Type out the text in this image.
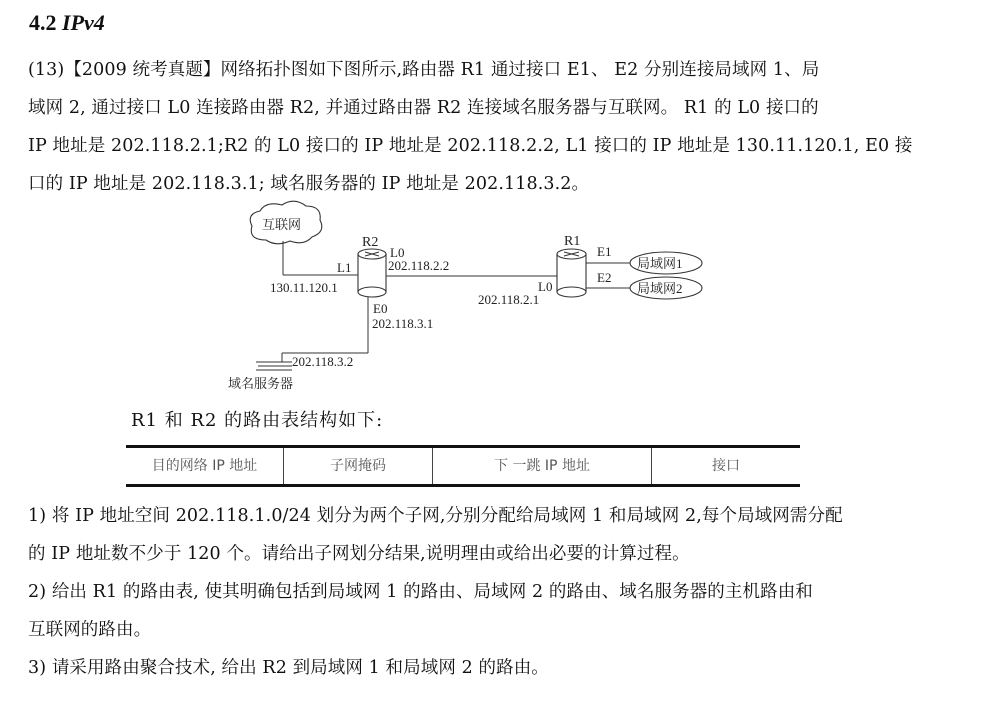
4.2 IPv4
(13)【2009 统考真题】网络拓扑图如下图所示,路由器 R1 通过接口 E1、 E2 分别连接局域网 1、局
域网 2, 通过接口 L0 连接路由器 R2, 并通过路由器 R2 连接域名服务器与互联网。 R1 的 L0 接口的
IP 地址是 202.118.2.1;R2 的 L0 接口的 IP 地址是 202.118.2.2, L1 接口的 IP 地址是 130.11.120.1, E0 接
口的 IP 地址是 202.118.3.1; 域名服务器的 IP 地址是 202.118.3.2。
互联网
R2
L0
202.118.2.2
L1
130.11.120.1
E0
202.118.3.1
R1
L0
202.118.2.1
E1
E2
局域网1
局域网2
202.118.3.2
域名服务器
R1 和 R2 的路由表结构如下:
目的网络 IP 地址	子网掩码	下 一跳 IP 地址	接口
1) 将 IP 地址空间 202.118.1.0/24 划分为两个子网,分别分配给局域网 1 和局域网 2,每个局域网需分配
的 IP 地址数不少于 120 个。请给出子网划分结果,说明理由或给出必要的计算过程。
2) 给出 R1 的路由表, 使其明确包括到局域网 1 的路由、局域网 2 的路由、域名服务器的主机路由和
互联网的路由。
3) 请采用路由聚合技术, 给出 R2 到局域网 1 和局域网 2 的路由。
